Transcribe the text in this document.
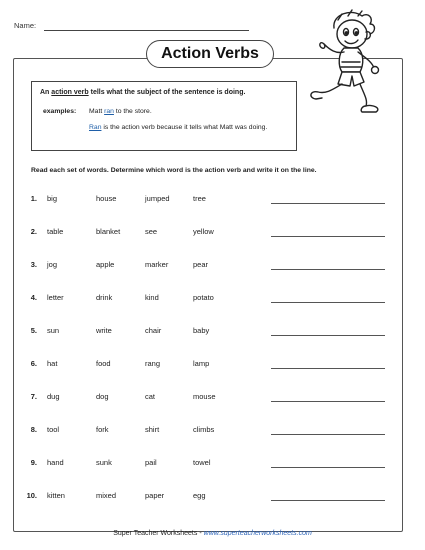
Name:
Action Verbs
An action verb tells what the subject of the sentence is doing.
examples: Matt ran to the store.
Ran is the action verb because it tells what Matt was doing.
Read each set of words. Determine which word is the action verb and write it on the line.
1. big	house	jumped	tree
2. table	blanket	see	yellow
3. jog	apple	marker	pear
4. letter	drink	kind	potato
5. sun	write	chair	baby
6. hat	food	rang	lamp
7. dug	dog	cat	mouse
8. tool	fork	shirt	climbs
9. hand	sunk	pail	towel
10. kitten	mixed	paper	egg
Super Teacher Worksheets - www.superteacherworksheets.com
